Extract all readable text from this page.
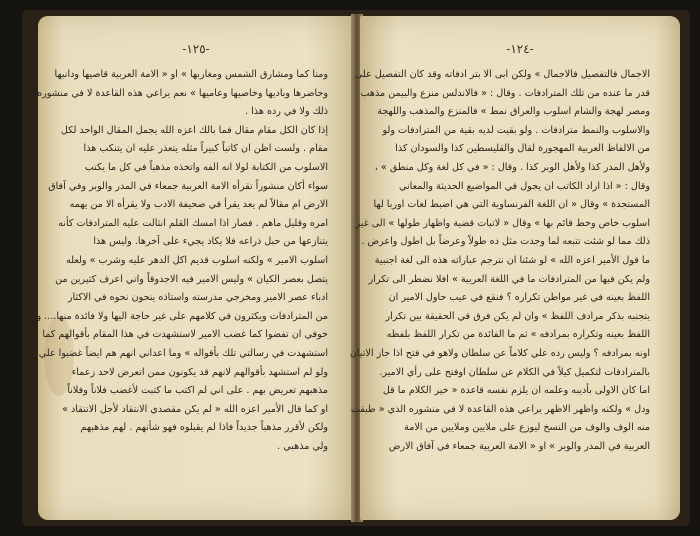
-١٢٥-

ومنا كما ومشارق الشمس ومغاربها » او « الامة العربية قاصيها ودانيها

وحاضرها وباديها وخاصيها وعاميها » نعم يراعي هذه القاعدة لا في منشوره

ذلك ولا في رده هذا .

إذا كان الكل مقام مقال فما بالك اعزه الله يجمل المقال الواحد لكل

مقام . ولست اظن ان كاتباً كبيراً مثله يتعذر عليه ان يتنكب هذا

الاسلوب من الكتابة لولا انه الفه واتخذه مذهباً في كل ما يكتب

سواء أكان منشوراً تقرأه الامة العربية جمعاء في المدر والوبر وفي آفاق

الارض ام مقالاً لم يعد يقرأ في صحيفة الادب ولا يقرأه الا من يهمه

امره وقليل ماهم . فصار اذا امسك القلم انثالت عليه المترادفات كأنه

يتنازعها من حبل ذراعه فلا يكاد يجيء على آخرها. وليس هذا

اسلوب الامير » ولكنه اسلوب قديم اكل الدهر عليه وشرب » ولعله

يتصل بعصر الكيان » وليس الامير فيه الاجدوقاً واتي اعرف كثيرين من

ادباء عصر الامير ومخرجي مدرسته واستاذه ينحون نحوه في الاكثار

من المترادفات ويكثرون في كلامهم على غير حاجة اليها ولا فائدة منها.... ولولا

خوفي ان تفضوا كما غضب الامير لاستشهدت في هذا المقام بأقوالهم كما

استشهدت في رسالتي تلك بأقواله » وما اعداني انهم هم ايضاً غضبوا علي

ولو لم استشهد بأقوالهم لانهم قد يكونون ممن اتعرض لاحد زعماء

مذهبهم تعريض بهم . على اني لم اكتب ما كتبت لأغضب فلاناً وفلاناً

او كما قال الأمير اعزه الله « لم يكن مقصدي الانتقاد لأجل الانتقاد »

ولكن لأقرر مذهباً جديداً فاذا لم يقبلوه فهو شأنهم . لهم مذهبهم

ولي مذهبي .

-١٢٤-

الاجمال فالتفصيل فالاجمال » ولكن ابى الا بتر ادفاته وقد كان التفصيل على

قدر ما عنده من تلك المترادفات . وقال : « فالاندلس منزع والبيمن مذهب

ومصر لهجة والشام اسلوب والعراق نمط » فالمنزع والمذهب واللهجة

والاسلوب والنمط مترادفات . ولو بقيت لديه بقية من المترادفات ولو

من الالفاظ العربية المهجورة لقال والقليسطين كذا والسودان كذا

ولأهل المدر كذا ولأهل الوبر كذا . وقال : « في كل لغة وكل منطق » ،

وقال : « اذا اراد الكاتب ان يجول في المواضيع الحديثة والمعاني

المستجدة » وقال « ان اللغة الفرنساوية التي هي اضبط لغات اوربا لها

اسلوب خاص وخط قائم بها » وقال « لاتبات قضية واظهار طولها » الى غير

ذلك مما لو شئت تتبعه لما وجدت مثل ده طولاً وعرضاً بل اطول واعرض .

ما قول الأمير اعزه الله » لو شئنا ان نترجم عباراته هذه الى لغة اجنبية

ولم يكن فيها من المترادفات ما في اللغة العربية » افلا نضطر الى تكرار

اللفظ بعينه في غير مواطن تكراره ؟ فنقع في عيب حاول الامير ان

يتجنبه بذكر مرادف اللفظ » وان لم يكن فرق في الحقيقة بين تكرار

اللفظ بعينه وتكراره بمرادفه » ثم ما الفائدة من تكرار اللفظ بلفظه

اونه بمرادفه ؟ وليس رده علي كلاماً عن سلطان ولاهو في فتح اذا جاز الاتيان

بالمترادفات لتكميل كيلاً في الكلام عن سلطان اوفتح على رأي الامير.

اما كان الاولى بأديبه وعلمه ان يلزم نفسه قاعدة « خير الكلام ما قل

ودل » ولكنه واظهر الاظهر يراعي هذه القاعدة لا في منشوره الذي « طبقت

منه الوف والوف من النسخ ليوزع على ملايين وملايين من الامة

العربية في المدر والوبر » او « الامة العربية جمعاء في آفاق الارض
